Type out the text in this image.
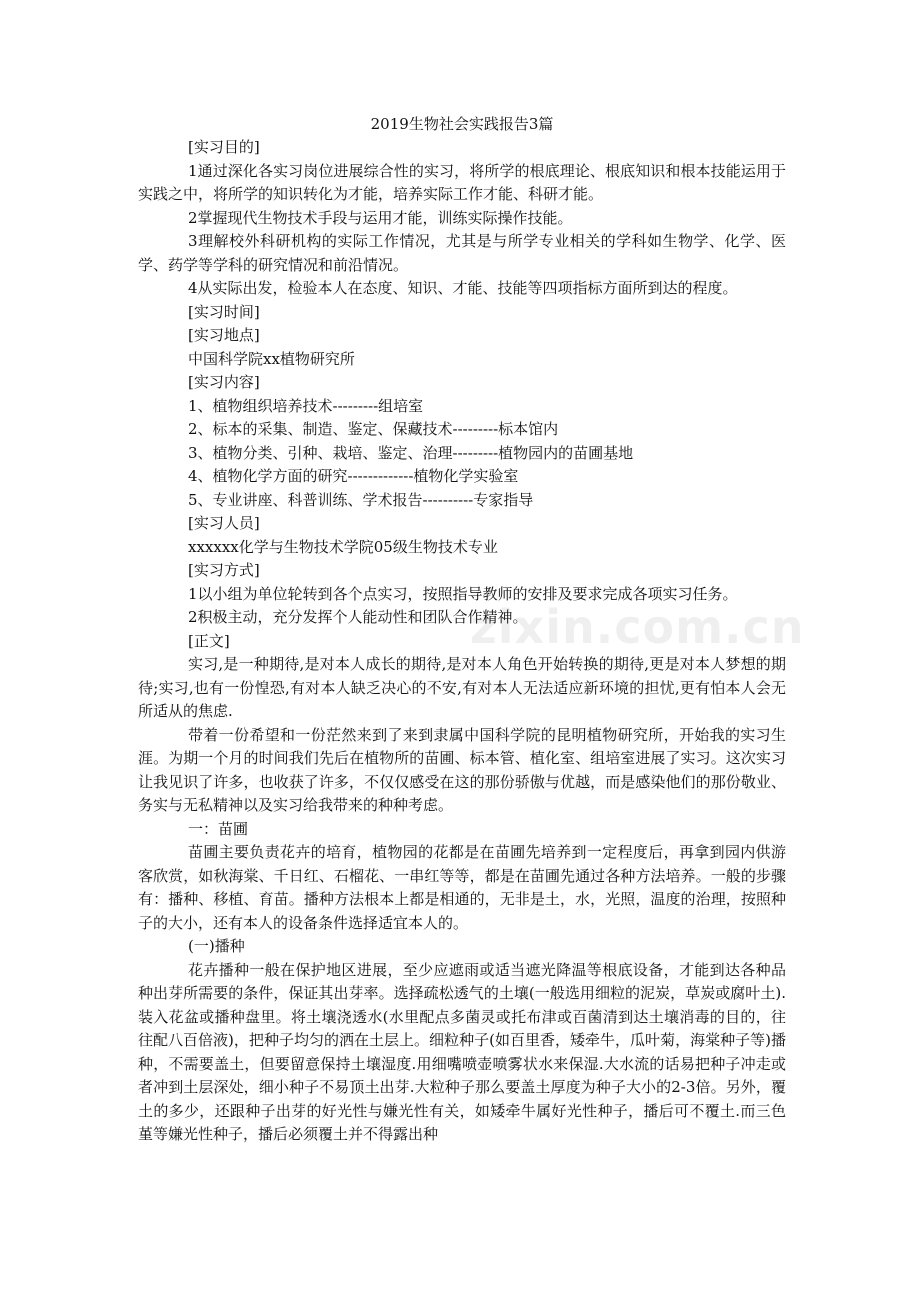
2019生物社会实践报告3篇

[实习目的]

1通过深化各实习岗位进展综合性的实习，将所学的根底理论、根底知识和根本技能运用于实践之中，将所学的知识转化为才能，培养实际工作才能、科研才能。

2掌握现代生物技术手段与运用才能，训练实际操作技能。

3理解校外科研机构的实际工作情况，尤其是与所学专业相关的学科如生物学、化学、医学、药学等学科的研究情况和前沿情况。

4从实际出发，检验本人在态度、知识、才能、技能等四项指标方面所到达的程度。

[实习时间]

[实习地点]

中国科学院xx植物研究所

[实习内容]

1、植物组织培养技术---------组培室

2、标本的采集、制造、鉴定、保藏技术---------标本馆内

3、植物分类、引种、栽培、鉴定、治理---------植物园内的苗圃基地

4、植物化学方面的研究-------------植物化学实验室

5、专业讲座、科普训练、学术报告----------专家指导

[实习人员]

xxxxxx化学与生物技术学院05级生物技术专业

[实习方式]

1以小组为单位轮转到各个点实习，按照指导教师的安排及要求完成各项实习任务。

2积极主动，充分发挥个人能动性和团队合作精神。

[正文]

实习,是一种期待,是对本人成长的期待,是对本人角色开始转换的期待,更是对本人梦想的期待;实习,也有一份惶恐,有对本人缺乏决心的不安,有对本人无法适应新环境的担忧,更有怕本人会无所适从的焦虑.

带着一份希望和一份茫然来到了来到隶属中国科学院的昆明植物研究所，开始我的实习生涯。为期一个月的时间我们先后在植物所的苗圃、标本管、植化室、组培室进展了实习。这次实习让我见识了许多，也收获了许多，不仅仅感受在这的那份骄傲与优越，而是感染他们的那份敬业、务实与无私精神以及实习给我带来的种种考虑。

一：苗圃

苗圃主要负责花卉的培育，植物园的花都是在苗圃先培养到一定程度后，再拿到园内供游客欣赏，如秋海棠、千日红、石榴花、一串红等等，都是在苗圃先通过各种方法培养。一般的步骤有：播种、移植、育苗。播种方法根本上都是相通的，无非是土，水，光照，温度的治理，按照种子的大小，还有本人的设备条件选择适宜本人的。

(一)播种

花卉播种一般在保护地区进展，至少应遮雨或适当遮光降温等根底设备，才能到达各种品种出芽所需要的条件，保证其出芽率。选择疏松透气的土壤(一般选用细粒的泥炭，草炭或腐叶土).装入花盆或播种盘里。将土壤浇透水(水里配点多菌灵或托布津或百菌清到达土壤消毒的目的，往往配八百倍液)，把种子均匀的洒在土层上。细粒种子(如百里香，矮牵牛，瓜叶菊，海棠种子等)播种，不需要盖土，但要留意保持土壤湿度.用细嘴喷壶喷雾状水来保湿.大水流的话易把种子冲走或者冲到土层深处，细小种子不易顶土出芽.大粒种子那么要盖土厚度为种子大小的2-3倍。另外，覆土的多少，还跟种子出芽的好光性与嫌光性有关，如矮牵牛属好光性种子，播后可不覆土.而三色堇等嫌光性种子，播后必须覆土并不得露出种

zixin.com.cn
